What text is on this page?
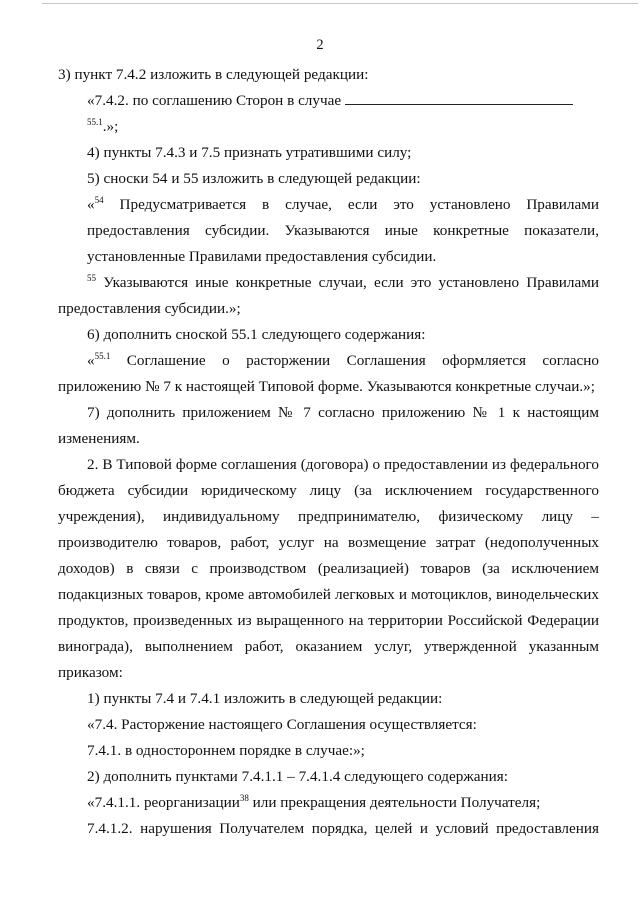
2

3) пункт 7.4.2 изложить в следующей редакции:

«7.4.2. по соглашению Сторон в случае $^{55.1}$.»;

4) пункты 7.4.3 и 7.5 признать утратившими силу;

5) сноски 54 и 55 изложить в следующей редакции:

«$^{54}$ Предусматривается в случае, если это установлено Правилами предоставления субсидии. Указываются иные конкретные показатели, установленные Правилами предоставления субсидии.

$^{55}$ Указываются иные конкретные случаи, если это установлено Правилами предоставления субсидии.»;

6) дополнить сноской 55.1 следующего содержания:

«$^{55.1}$ Соглашение о расторжении Соглашения оформляется согласно приложению № 7 к настоящей Типовой форме. Указываются конкретные случаи.»;

7) дополнить приложением № 7 согласно приложению № 1 к настоящим изменениям.

2. В Типовой форме соглашения (договора) о предоставлении из федерального бюджета субсидии юридическому лицу (за исключением государственного учреждения), индивидуальному предпринимателю, физическому лицу – производителю товаров, работ, услуг на возмещение затрат (недополученных доходов) в связи с производством (реализацией) товаров (за исключением подакцизных товаров, кроме автомобилей легковых и мотоциклов, винодельческих продуктов, произведенных из выращенного на территории Российской Федерации винограда), выполнением работ, оказанием услуг, утвержденной указанным приказом:

1) пункты 7.4 и 7.4.1 изложить в следующей редакции:

«7.4. Расторжение настоящего Соглашения осуществляется:

7.4.1. в одностороннем порядке в случае:»;

2) дополнить пунктами 7.4.1.1 – 7.4.1.4 следующего содержания:

«7.4.1.1. реорганизации$^{38}$ или прекращения деятельности Получателя;

7.4.1.2. нарушения Получателем порядка, целей и условий предоставления
